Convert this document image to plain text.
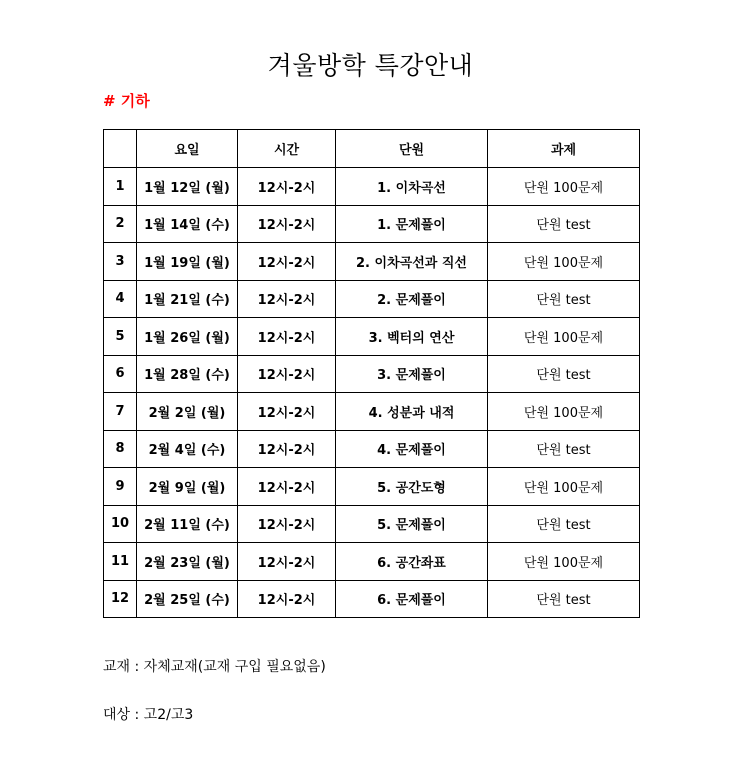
겨울방학 특강안내
# 기하
	요일	시간	단원	과제
1	1월 12일 (월)	12시-2시	1. 이차곡선	단원 100문제
2	1월 14일 (수)	12시-2시	1. 문제풀이	단원 test
3	1월 19일 (월)	12시-2시	2. 이차곡선과 직선	단원 100문제
4	1월 21일 (수)	12시-2시	2. 문제풀이	단원 test
5	1월 26일 (월)	12시-2시	3. 벡터의 연산	단원 100문제
6	1월 28일 (수)	12시-2시	3. 문제풀이	단원 test
7	2월 2일 (월)	12시-2시	4. 성분과 내적	단원 100문제
8	2월 4일 (수)	12시-2시	4. 문제풀이	단원 test
9	2월 9일 (월)	12시-2시	5. 공간도형	단원 100문제
10	2월 11일 (수)	12시-2시	5. 문제풀이	단원 test
11	2월 23일 (월)	12시-2시	6. 공간좌표	단원 100문제
12	2월 25일 (수)	12시-2시	6. 문제풀이	단원 test
교재 : 자체교재(교재 구입 필요없음)
대상 : 고2/고3
